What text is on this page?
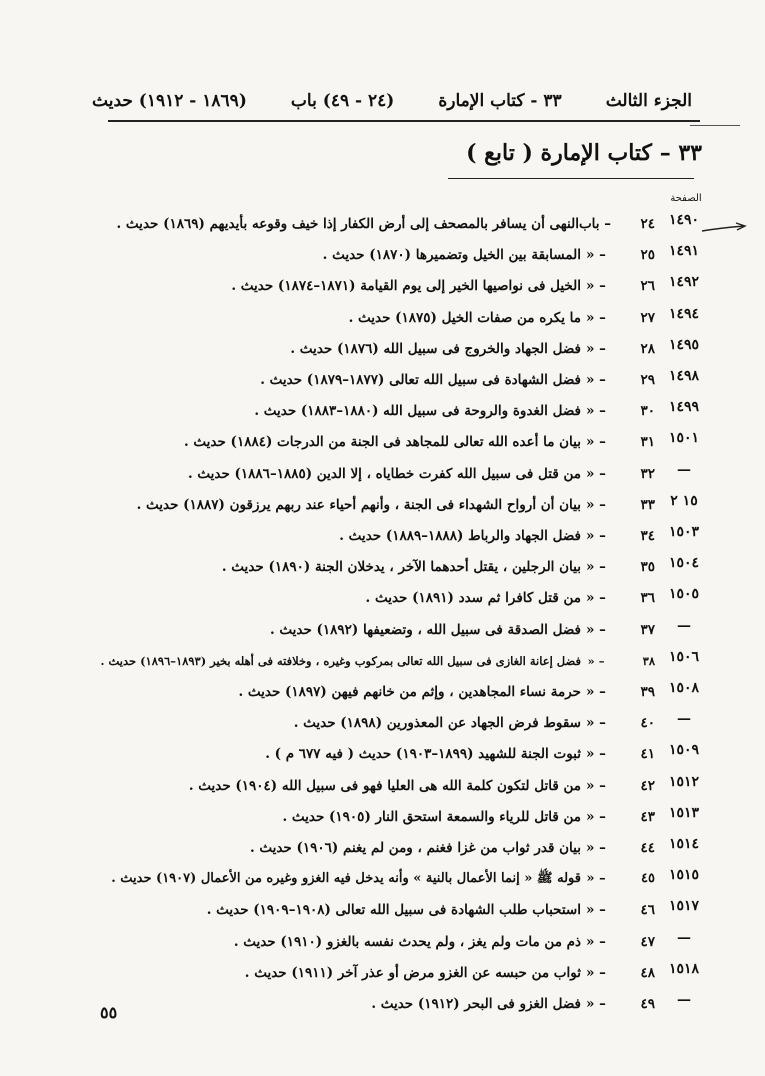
الجزء الثالث
٣٣ - كتاب الإمارة
(٢٤ - ٤٩) باب
(١٨٦٩ - ١٩١٢) حديث
٣٣ – كتاب الإمارة ( تابع )
الصفحة
١٤٩٠
٢٤– بابالنهى أن يسافر بالمصحف إلى أرض الكفار إذا خيف وقوعه بأيديهم (١٨٦٩) حديث .
١٤٩١
٢٥– «المسابقة بين الخيل وتضميرها (١٨٧٠) حديث .
١٤٩٢
٢٦– «الخيل فى نواصيها الخير إلى يوم القيامة (١٨٧١–١٨٧٤) حديث .
١٤٩٤
٢٧– «ما يكره من صفات الخيل (١٨٧٥) حديث .
١٤٩٥
٢٨– «فضل الجهاد والخروج فى سبيل الله (١٨٧٦) حديث .
١٤٩٨
٢٩– «فضل الشهادة فى سبيل الله تعالى (١٨٧٧–١٨٧٩) حديث .
١٤٩٩
٣٠– «فضل الغدوة والروحة فى سبيل الله (١٨٨٠–١٨٨٣) حديث .
١٥٠١
٣١– «بيان ما أعده الله تعالى للمجاهد فى الجنة من الدرجات (١٨٨٤) حديث .
—
٣٢– «من قتل فى سبيل الله كفرت خطاياه ، إلا الدين (١٨٨٥–١٨٨٦) حديث .
١٥ ٢
٣٣– «بيان أن أرواح الشهداء فى الجنة ، وأنهم أحياء عند ربهم يرزقون (١٨٨٧) حديث .
١٥٠٣
٣٤– «فضل الجهاد والرباط (١٨٨٨–١٨٨٩) حديث .
١٥٠٤
٣٥– «بيان الرجلين ، يقتل أحدهما الآخر ، يدخلان الجنة (١٨٩٠) حديث .
١٥٠٥
٣٦– «من قتل كافرا ثم سدد (١٨٩١) حديث .
—
٣٧– «فضل الصدقة فى سبيل الله ، وتضعيفها (١٨٩٢) حديث .
١٥٠٦
٣٨– «فضل إعانة الغازى فى سبيل الله تعالى بمركوب وغيره ، وخلافته فى أهله بخير (١٨٩٣–١٨٩٦) حديث .
١٥٠٨
٣٩– «حرمة نساء المجاهدين ، وإثم من خانهم فيهن (١٨٩٧) حديث .
—
٤٠– «سقوط فرض الجهاد عن المعذورين (١٨٩٨) حديث .
١٥٠٩
٤١– «ثبوت الجنة للشهيد (١٨٩٩–١٩٠٣) حديث ( فيه ٦٧٧ م ) .
١٥١٢
٤٢– «من قاتل لتكون كلمة الله هى العليا فهو فى سبيل الله (١٩٠٤) حديث .
١٥١٣
٤٣– «من قاتل للرياء والسمعة استحق النار (١٩٠٥) حديث .
١٥١٤
٤٤– «بيان قدر ثواب من غزا فغنم ، ومن لم يغنم (١٩٠٦) حديث .
١٥١٥
٤٥– «قوله ﷺ « إنما الأعمال بالنية » وأنه يدخل فيه الغزو وغيره من الأعمال (١٩٠٧) حديث .
١٥١٧
٤٦– «استحباب طلب الشهادة فى سبيل الله تعالى (١٩٠٨–١٩٠٩) حديث .
—
٤٧– «ذم من مات ولم يغز ، ولم يحدث نفسه بالغزو (١٩١٠) حديث .
١٥١٨
٤٨– «ثواب من حبسه عن الغزو مرض أو عذر آخر (١٩١١) حديث .
—
٤٩– «فضل الغزو فى البحر (١٩١٢) حديث .
٥٥
